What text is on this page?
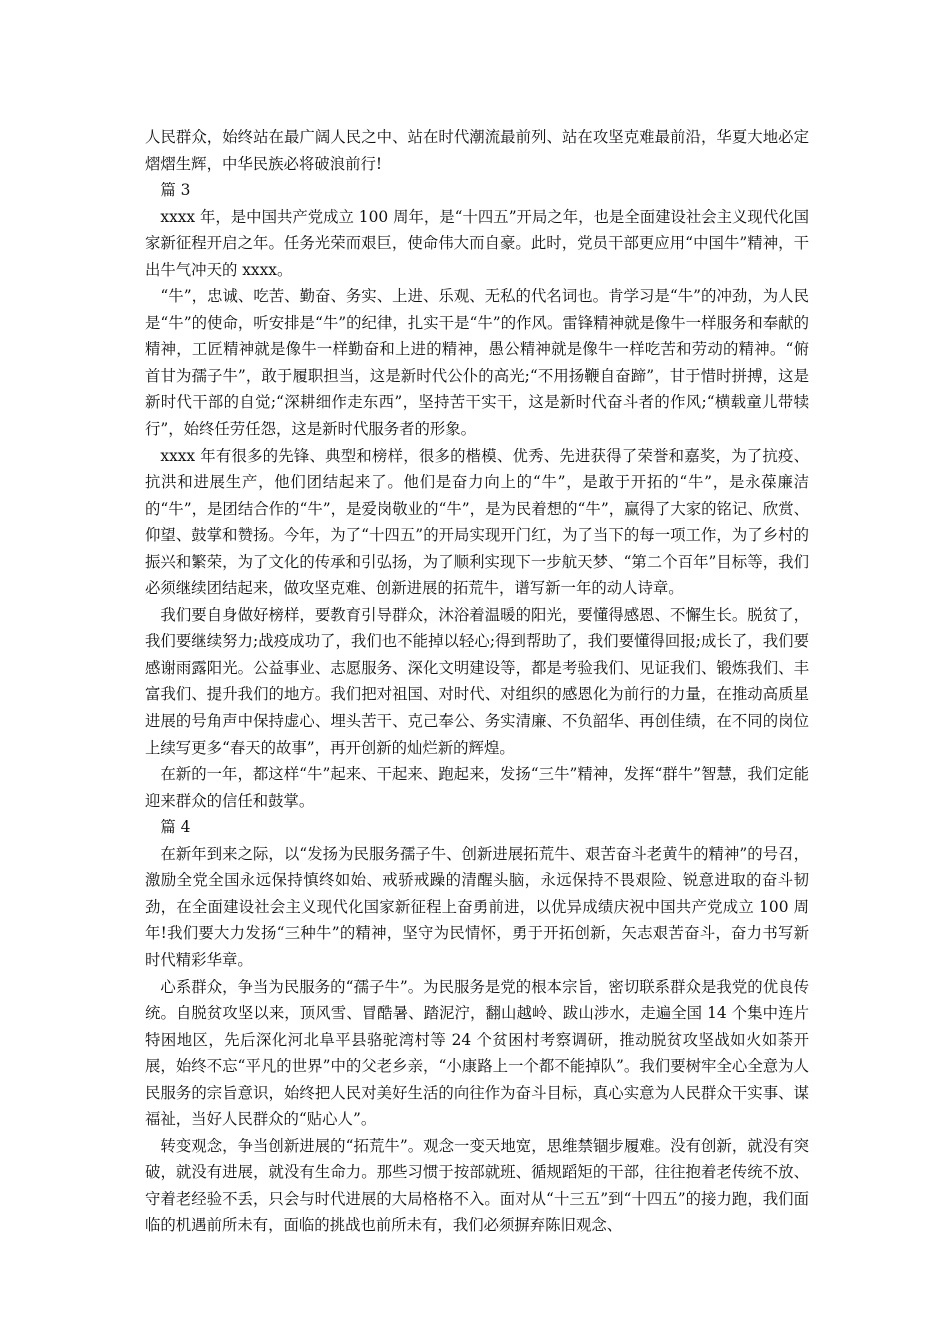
人民群众，始终站在最广阔人民之中、站在时代潮流最前列、站在攻坚克难最前沿，华夏大地必定熠熠生辉，中华民族必将破浪前行!

篇 3

xxxx 年，是中国共产党成立 100 周年，是“十四五”开局之年，也是全面建设社会主义现代化国家新征程开启之年。任务光荣而艰巨，使命伟大而自豪。此时，党员干部更应用“中国牛”精神，干出牛气冲天的 xxxx。

“牛”，忠诚、吃苦、勤奋、务实、上进、乐观、无私的代名词也。肯学习是“牛”的冲劲，为人民是“牛”的使命，听安排是“牛”的纪律，扎实干是“牛”的作风。雷锋精神就是像牛一样服务和奉献的精神，工匠精神就是像牛一样勤奋和上进的精神，愚公精神就是像牛一样吃苦和劳动的精神。“俯首甘为孺子牛”，敢于履职担当，这是新时代公仆的高光;“不用扬鞭自奋蹄”，甘于惜时拼搏，这是新时代干部的自觉;“深耕细作走东西”，坚持苦干实干，这是新时代奋斗者的作风;“横载童儿带犊行”，始终任劳任怨，这是新时代服务者的形象。

xxxx 年有很多的先锋、典型和榜样，很多的楷模、优秀、先进获得了荣誉和嘉奖，为了抗疫、抗洪和进展生产，他们团结起来了。他们是奋力向上的“牛”，是敢于开拓的“牛”，是永葆廉洁的“牛”，是团结合作的“牛”，是爱岗敬业的“牛”，是为民着想的“牛”，赢得了大家的铭记、欣赏、仰望、鼓掌和赞扬。今年，为了“十四五”的开局实现开门红，为了当下的每一项工作，为了乡村的振兴和繁荣，为了文化的传承和引弘扬，为了顺利实现下一步航天梦、“第二个百年”目标等，我们必须继续团结起来，做攻坚克难、创新进展的拓荒牛，谱写新一年的动人诗章。

我们要自身做好榜样，要教育引导群众，沐浴着温暖的阳光，要懂得感恩、不懈生长。脱贫了，我们要继续努力;战疫成功了，我们也不能掉以轻心;得到帮助了，我们要懂得回报;成长了，我们要感谢雨露阳光。公益事业、志愿服务、深化文明建设等，都是考验我们、见证我们、锻炼我们、丰富我们、提升我们的地方。我们把对祖国、对时代、对组织的感恩化为前行的力量，在推动高质星进展的号角声中保持虚心、埋头苦干、克己奉公、务实清廉、不负韶华、再创佳绩，在不同的岗位上续写更多“春天的故事”，再开创新的灿烂新的辉煌。

在新的一年，都这样“牛”起来、干起来、跑起来，发扬“三牛”精神，发挥“群牛”智慧，我们定能迎来群众的信任和鼓掌。

篇 4

在新年到来之际，以“发扬为民服务孺子牛、创新进展拓荒牛、艰苦奋斗老黄牛的精神”的号召，激励全党全国永远保持慎终如始、戒骄戒躁的清醒头脑，永远保持不畏艰险、锐意进取的奋斗韧劲，在全面建设社会主义现代化国家新征程上奋勇前进，以优异成绩庆祝中国共产党成立 100 周年!我们要大力发扬“三种牛”的精神，坚守为民情怀，勇于开拓创新，矢志艰苦奋斗，奋力书写新时代精彩华章。

心系群众，争当为民服务的“孺子牛”。为民服务是党的根本宗旨，密切联系群众是我党的优良传统。自脱贫攻坚以来，顶风雪、冒酷暑、踏泥泞，翻山越岭、跋山涉水，走遍全国 14 个集中连片特困地区，先后深化河北阜平县骆驼湾村等 24 个贫困村考察调研，推动脱贫攻坚战如火如荼开展，始终不忘“平凡的世界”中的父老乡亲，“小康路上一个都不能掉队”。我们要树牢全心全意为人民服务的宗旨意识，始终把人民对美好生活的向往作为奋斗目标，真心实意为人民群众干实事、谋福祉，当好人民群众的“贴心人”。

转变观念，争当创新进展的“拓荒牛”。观念一变天地宽，思维禁锢步履难。没有创新，就没有突破，就没有进展，就没有生命力。那些习惯于按部就班、循规蹈矩的干部，往往抱着老传统不放、守着老经验不丢，只会与时代进展的大局格格不入。面对从“十三五”到“十四五”的接力跑，我们面临的机遇前所未有，面临的挑战也前所未有，我们必须摒弃陈旧观念、
